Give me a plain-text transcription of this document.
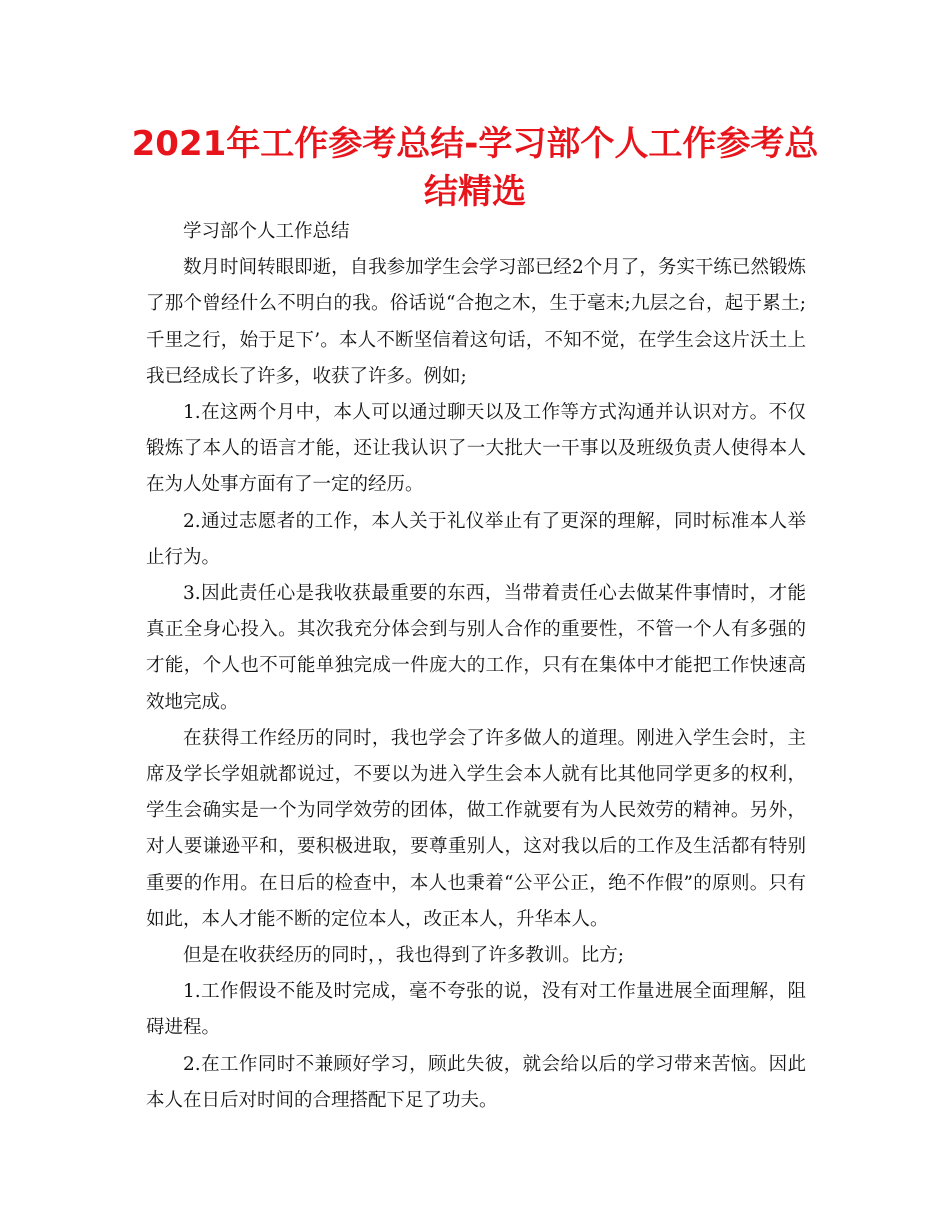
2021年工作参考总结-学习部个人工作参考总结精选

学习部个人工作总结

数月时间转眼即逝，自我参加学生会学习部已经2个月了，务实干练已然锻炼了那个曾经什么不明白的我。俗话说“合抱之木，生于毫末;九层之台，起于累土;千里之行，始于足下’。本人不断坚信着这句话，不知不觉，在学生会这片沃土上我已经成长了许多，收获了许多。例如;

1.在这两个月中，本人可以通过聊天以及工作等方式沟通并认识对方。不仅锻炼了本人的语言才能，还让我认识了一大批大一干事以及班级负责人使得本人在为人处事方面有了一定的经历。

2.通过志愿者的工作，本人关于礼仪举止有了更深的理解，同时标准本人举止行为。

3.因此责任心是我收获最重要的东西，当带着责任心去做某件事情时，才能真正全身心投入。其次我充分体会到与别人合作的重要性，不管一个人有多强的才能，个人也不可能单独完成一件庞大的工作，只有在集体中才能把工作快速高效地完成。

在获得工作经历的同时，我也学会了许多做人的道理。刚进入学生会时，主席及学长学姐就都说过，不要以为进入学生会本人就有比其他同学更多的权利，学生会确实是一个为同学效劳的团体，做工作就要有为人民效劳的精神。另外，对人要谦逊平和，要积极进取，要尊重别人，这对我以后的工作及生活都有特别重要的作用。在日后的检查中，本人也秉着“公平公正，绝不作假”的原则。只有如此，本人才能不断的定位本人，改正本人，升华本人。

但是在收获经历的同时，，我也得到了许多教训。比方;

1.工作假设不能及时完成，毫不夸张的说，没有对工作量进展全面理解，阻碍进程。

2.在工作同时不兼顾好学习，顾此失彼，就会给以后的学习带来苦恼。因此本人在日后对时间的合理搭配下足了功夫。
